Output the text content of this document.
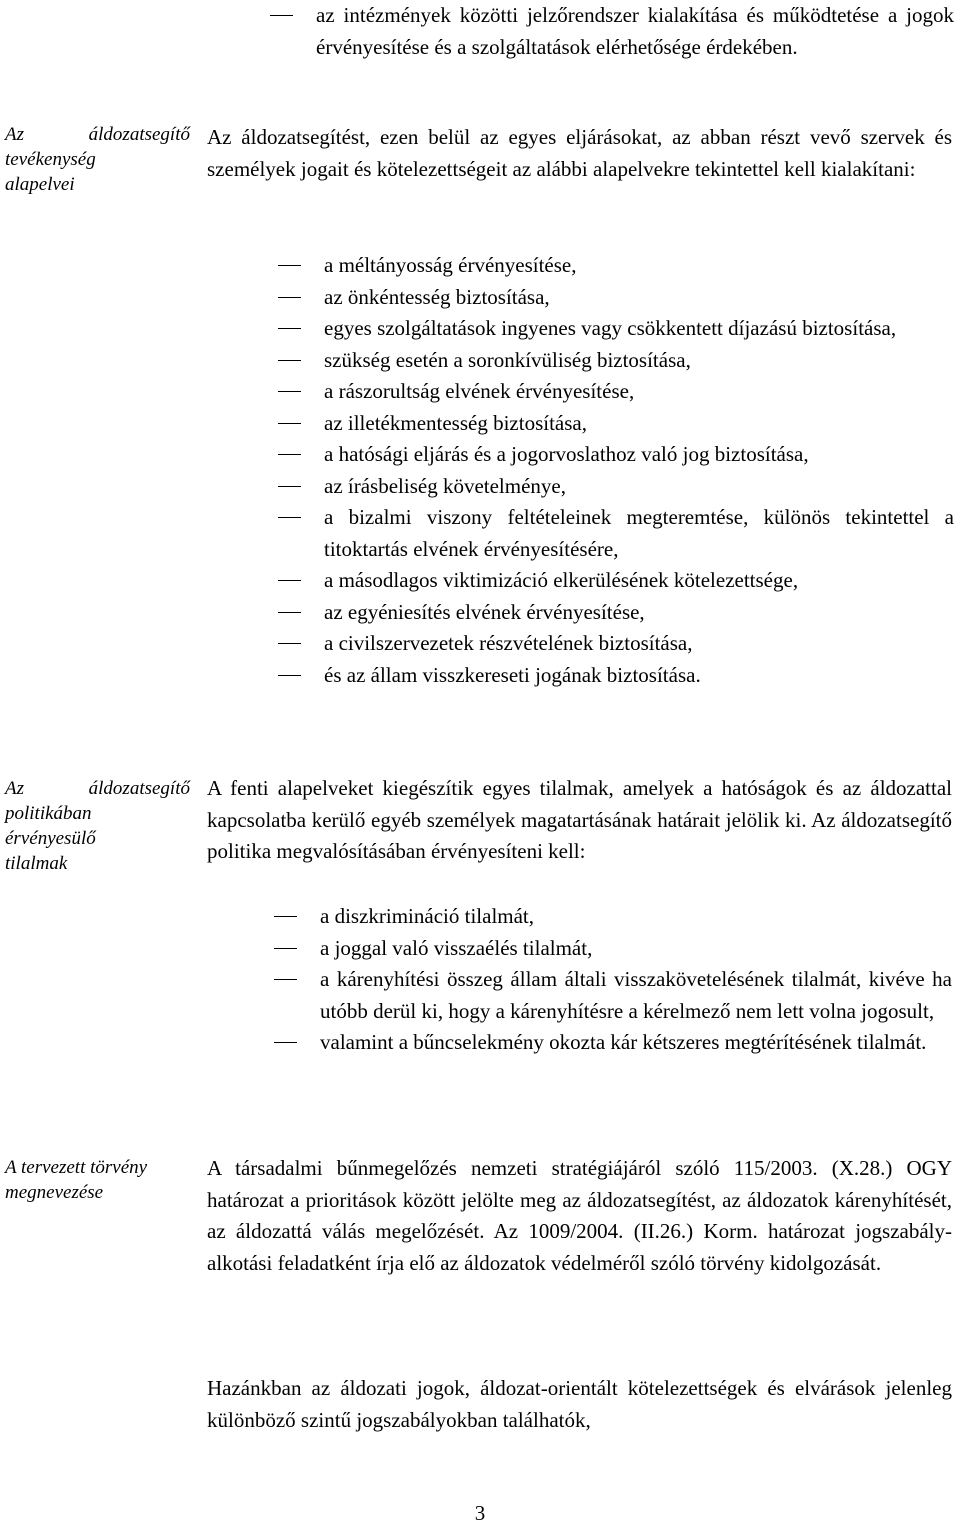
az intézmények közötti jelzőrendszer kialakítása és működtetése a jogok érvényesítése és a szolgáltatások elérhetősége érdekében.
Az áldozatsegítő
tevékenység
alapelvei
Az áldozatsegítést, ezen belül az egyes eljárásokat, az abban részt vevő szervek és személyek jogait és kötelezettségeit az alábbi alapelvekre tekintettel kell kialakítani:
a méltányosság érvényesítése,
az önkéntesség biztosítása,
egyes szolgáltatások ingyenes vagy csökkentett díjazású biztosítása,
szükség esetén a soronkívüliség biztosítása,
a rászorultság elvének érvényesítése,
az illetékmentesség biztosítása,
a hatósági eljárás és a jogorvoslathoz való jog biztosítása,
az írásbeliség követelménye,
a bizalmi viszony feltételeinek megteremtése, különös tekintettel a titoktartás elvének érvényesítésére,
a másodlagos viktimizáció elkerülésének kötelezettsége,
az egyéniesítés elvének érvényesítése,
a civilszervezetek részvételének biztosítása,
és az állam visszkereseti jogának biztosítása.
Az áldozatsegítő
politikában
érvényesülő
tilalmak
A fenti alapelveket kiegészítik egyes tilalmak, amelyek a hatóságok és az áldozattal kapcsolatba kerülő egyéb személyek magatartásának határait jelölik ki. Az áldozatsegítő politika megvalósításában érvényesíteni kell:
a diszkrimináció tilalmát,
a joggal való visszaélés tilalmát,
a kárenyhítési összeg állam általi visszakövetelésének tilalmát, kivéve ha utóbb derül ki, hogy a kárenyhítésre a kérelmező nem lett volna jogosult,
valamint a bűncselekmény okozta kár kétszeres megtérítésének tilalmát.
A tervezett törvény
megnevezése
A társadalmi bűnmegelőzés nemzeti stratégiájáról szóló 115/2003. (X.28.) OGY határozat a prioritások között jelölte meg az áldozatsegítést, az áldozatok kárenyhítését, az áldozattá válás megelőzését. Az 1009/2004. (II.26.) Korm. határozat jogszabály-alkotási feladatként írja elő az áldozatok védelméről szóló törvény kidolgozását.
Hazánkban az áldozati jogok, áldozat-orientált kötelezettségek és elvárások jelenleg különböző szintű jogszabályokban találhatók,
3
